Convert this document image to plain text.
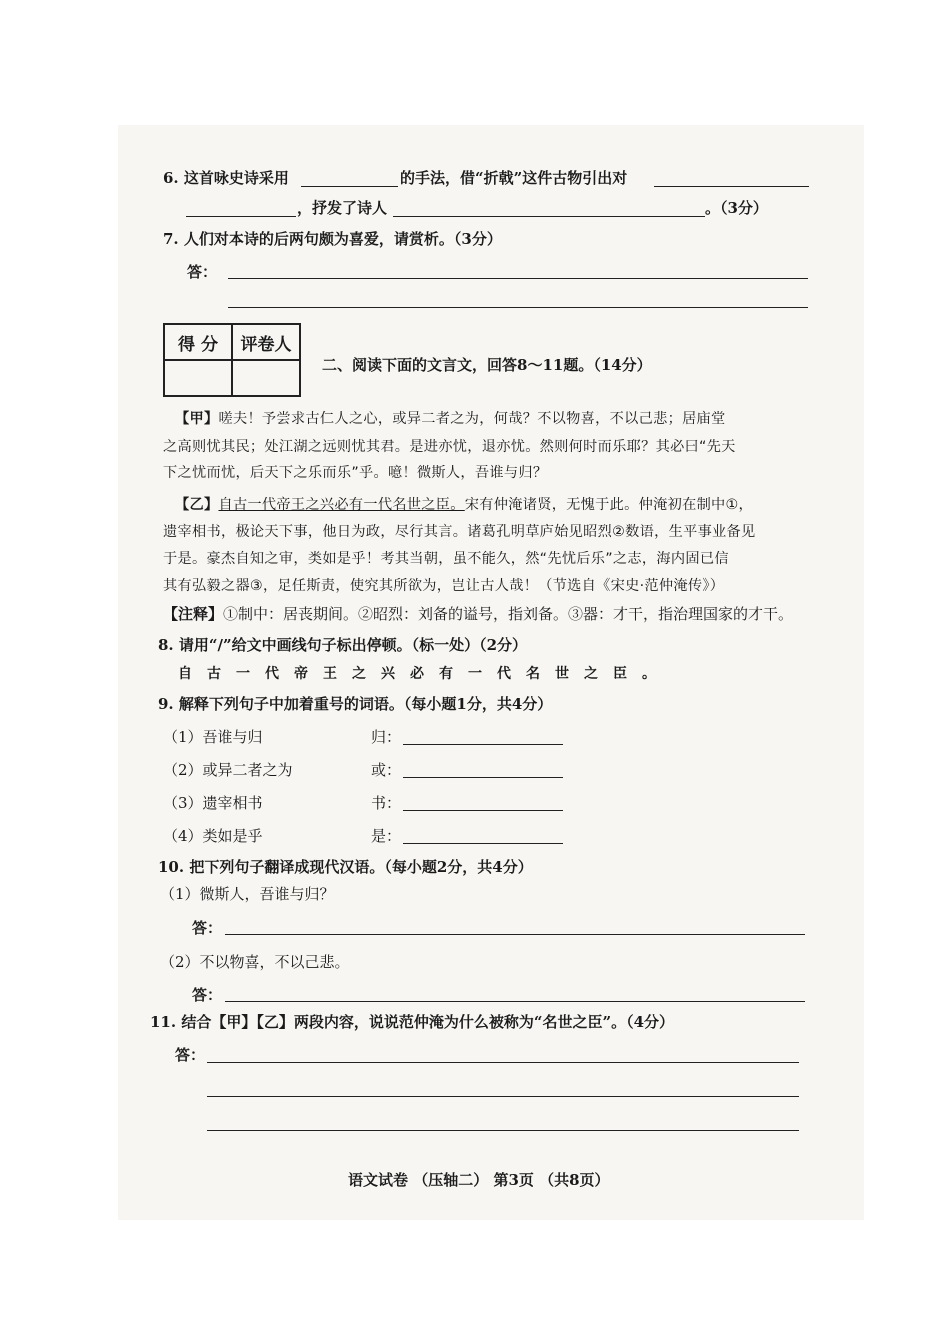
6. 这首咏史诗采用	的手法，借“折戟”这件古物引出对
，抒发了诗人	。（3分）
7. 人们对本诗的后两句颇为喜爱，请赏析。（3分）
答：
得 分	评卷人

二、阅读下面的文言文，回答8～11题。（14分）
【甲】嗟夫！予尝求古仁人之心，或异二者之为，何哉？不以物喜，不以己悲；居庙堂
之高则忧其民；处江湖之远则忧其君。是进亦忧，退亦忧。然则何时而乐耶？其必曰“先天
下之忧而忧，后天下之乐而乐”乎。噫！微斯人，吾谁与归？
【乙】自古一代帝王之兴必有一代名世之臣。宋有仲淹诸贤，无愧于此。仲淹初在制中①，
遗宰相书，极论天下事，他日为政，尽行其言。诸葛孔明草庐始见昭烈②数语，生平事业备见
于是。豪杰自知之审，类如是乎！考其当朝，虽不能久，然“先忧后乐”之志，海内固已信
其有弘毅之器③，足任斯责，使究其所欲为，岂让古人哉！（节选自《宋史·范仲淹传》）
【注释】①制中：居丧期间。②昭烈：刘备的谥号，指刘备。③器：才干，指治理国家的才干。
8. 请用“/”给文中画线句子标出停顿。（标一处）（2分）
自古一代帝王之兴必有一代名世之臣。
9. 解释下列句子中加着重号的词语。（每小题1分，共4分）
（1）吾谁与归	归：
（2）或异二者之为	或：
（3）遗宰相书	书：
（4）类如是乎	是：
10. 把下列句子翻译成现代汉语。（每小题2分，共4分）
（1）微斯人，吾谁与归？
答：
（2）不以物喜，不以己悲。
答：
11. 结合【甲】【乙】两段内容，说说范仲淹为什么被称为“名世之臣”。（4分）
答：
语文试卷 （压轴二） 第3页 （共8页）
